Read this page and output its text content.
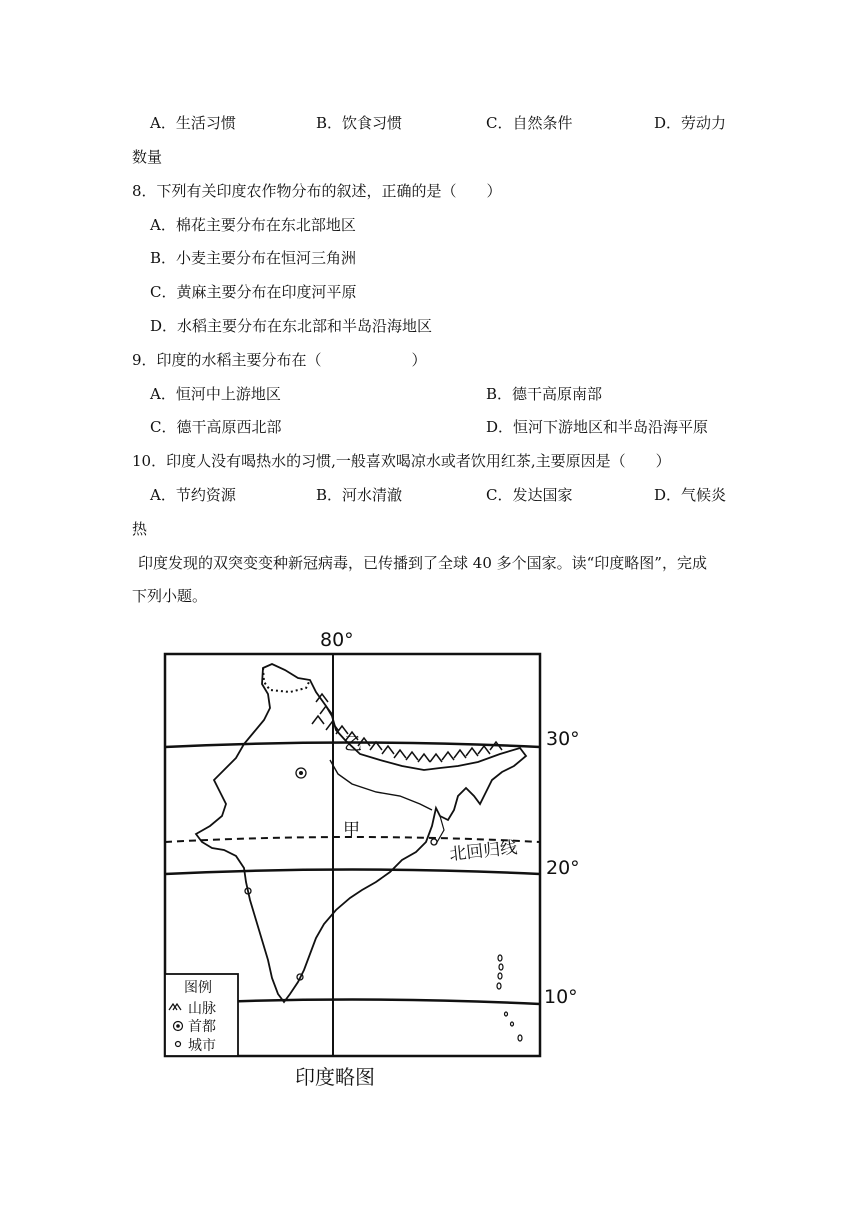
A．生活习惯	B．饮食习惯	C．自然条件	D．劳动力
数量
8．下列有关印度农作物分布的叙述，正确的是（　　）
A．棉花主要分布在东北部地区
B．小麦主要分布在恒河三角洲
C．黄麻主要分布在印度河平原
D．水稻主要分布在东北部和半岛沿海地区
9．印度的水稻主要分布在（　　　　　　）
A．恒河中上游地区	B．德干高原南部
C．德干高原西北部	D．恒河下游地区和半岛沿海平原
10．印度人没有喝热水的习惯,一般喜欢喝凉水或者饮用红茶,主要原因是（　　）
A．节约资源	B．河水清澈	C．发达国家	D．气候炎
热
印度发现的双突变变种新冠病毒，已传播到了全球 40 多个国家。读“印度略图”，完成
下列小题。
80°
30°
20°
10°
北回归线
甲
乙
图例
山脉
首都
城市
印度略图
